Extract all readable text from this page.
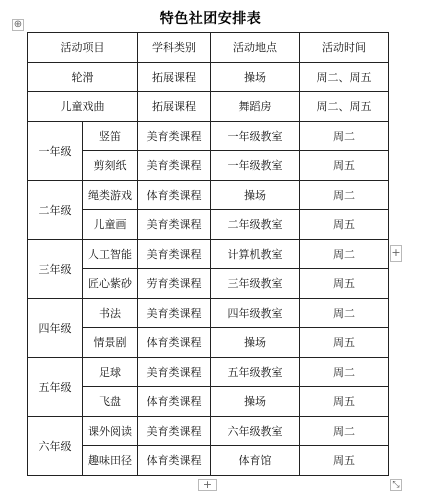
⊕	特色社团安排表
活动项目		学科类别	活动地点	活动时间
轮滑		拓展课程	操场	周二、周五
儿童戏曲		拓展课程	舞蹈房	周二、周五
一年级	竖笛	美育类课程	一年级教室	周二
	剪刻纸	美育类课程	一年级教室	周五
二年级	绳类游戏	体育类课程	操场	周二
	儿童画	美育类课程	二年级教室	周五
三年级	人工智能	美育类课程	计算机教室	周二
	匠心紫砂	劳育类课程	三年级教室	周五
四年级	书法	美育类课程	四年级教室	周二
	情景剧	体育类课程	操场	周五
五年级	足球	美育类课程	五年级教室	周二
	飞盘	体育类课程	操场	周五
六年级	课外阅读	美育类课程	六年级教室	周二
	趣味田径	体育类课程	体育馆	周五
+
+	⤡
